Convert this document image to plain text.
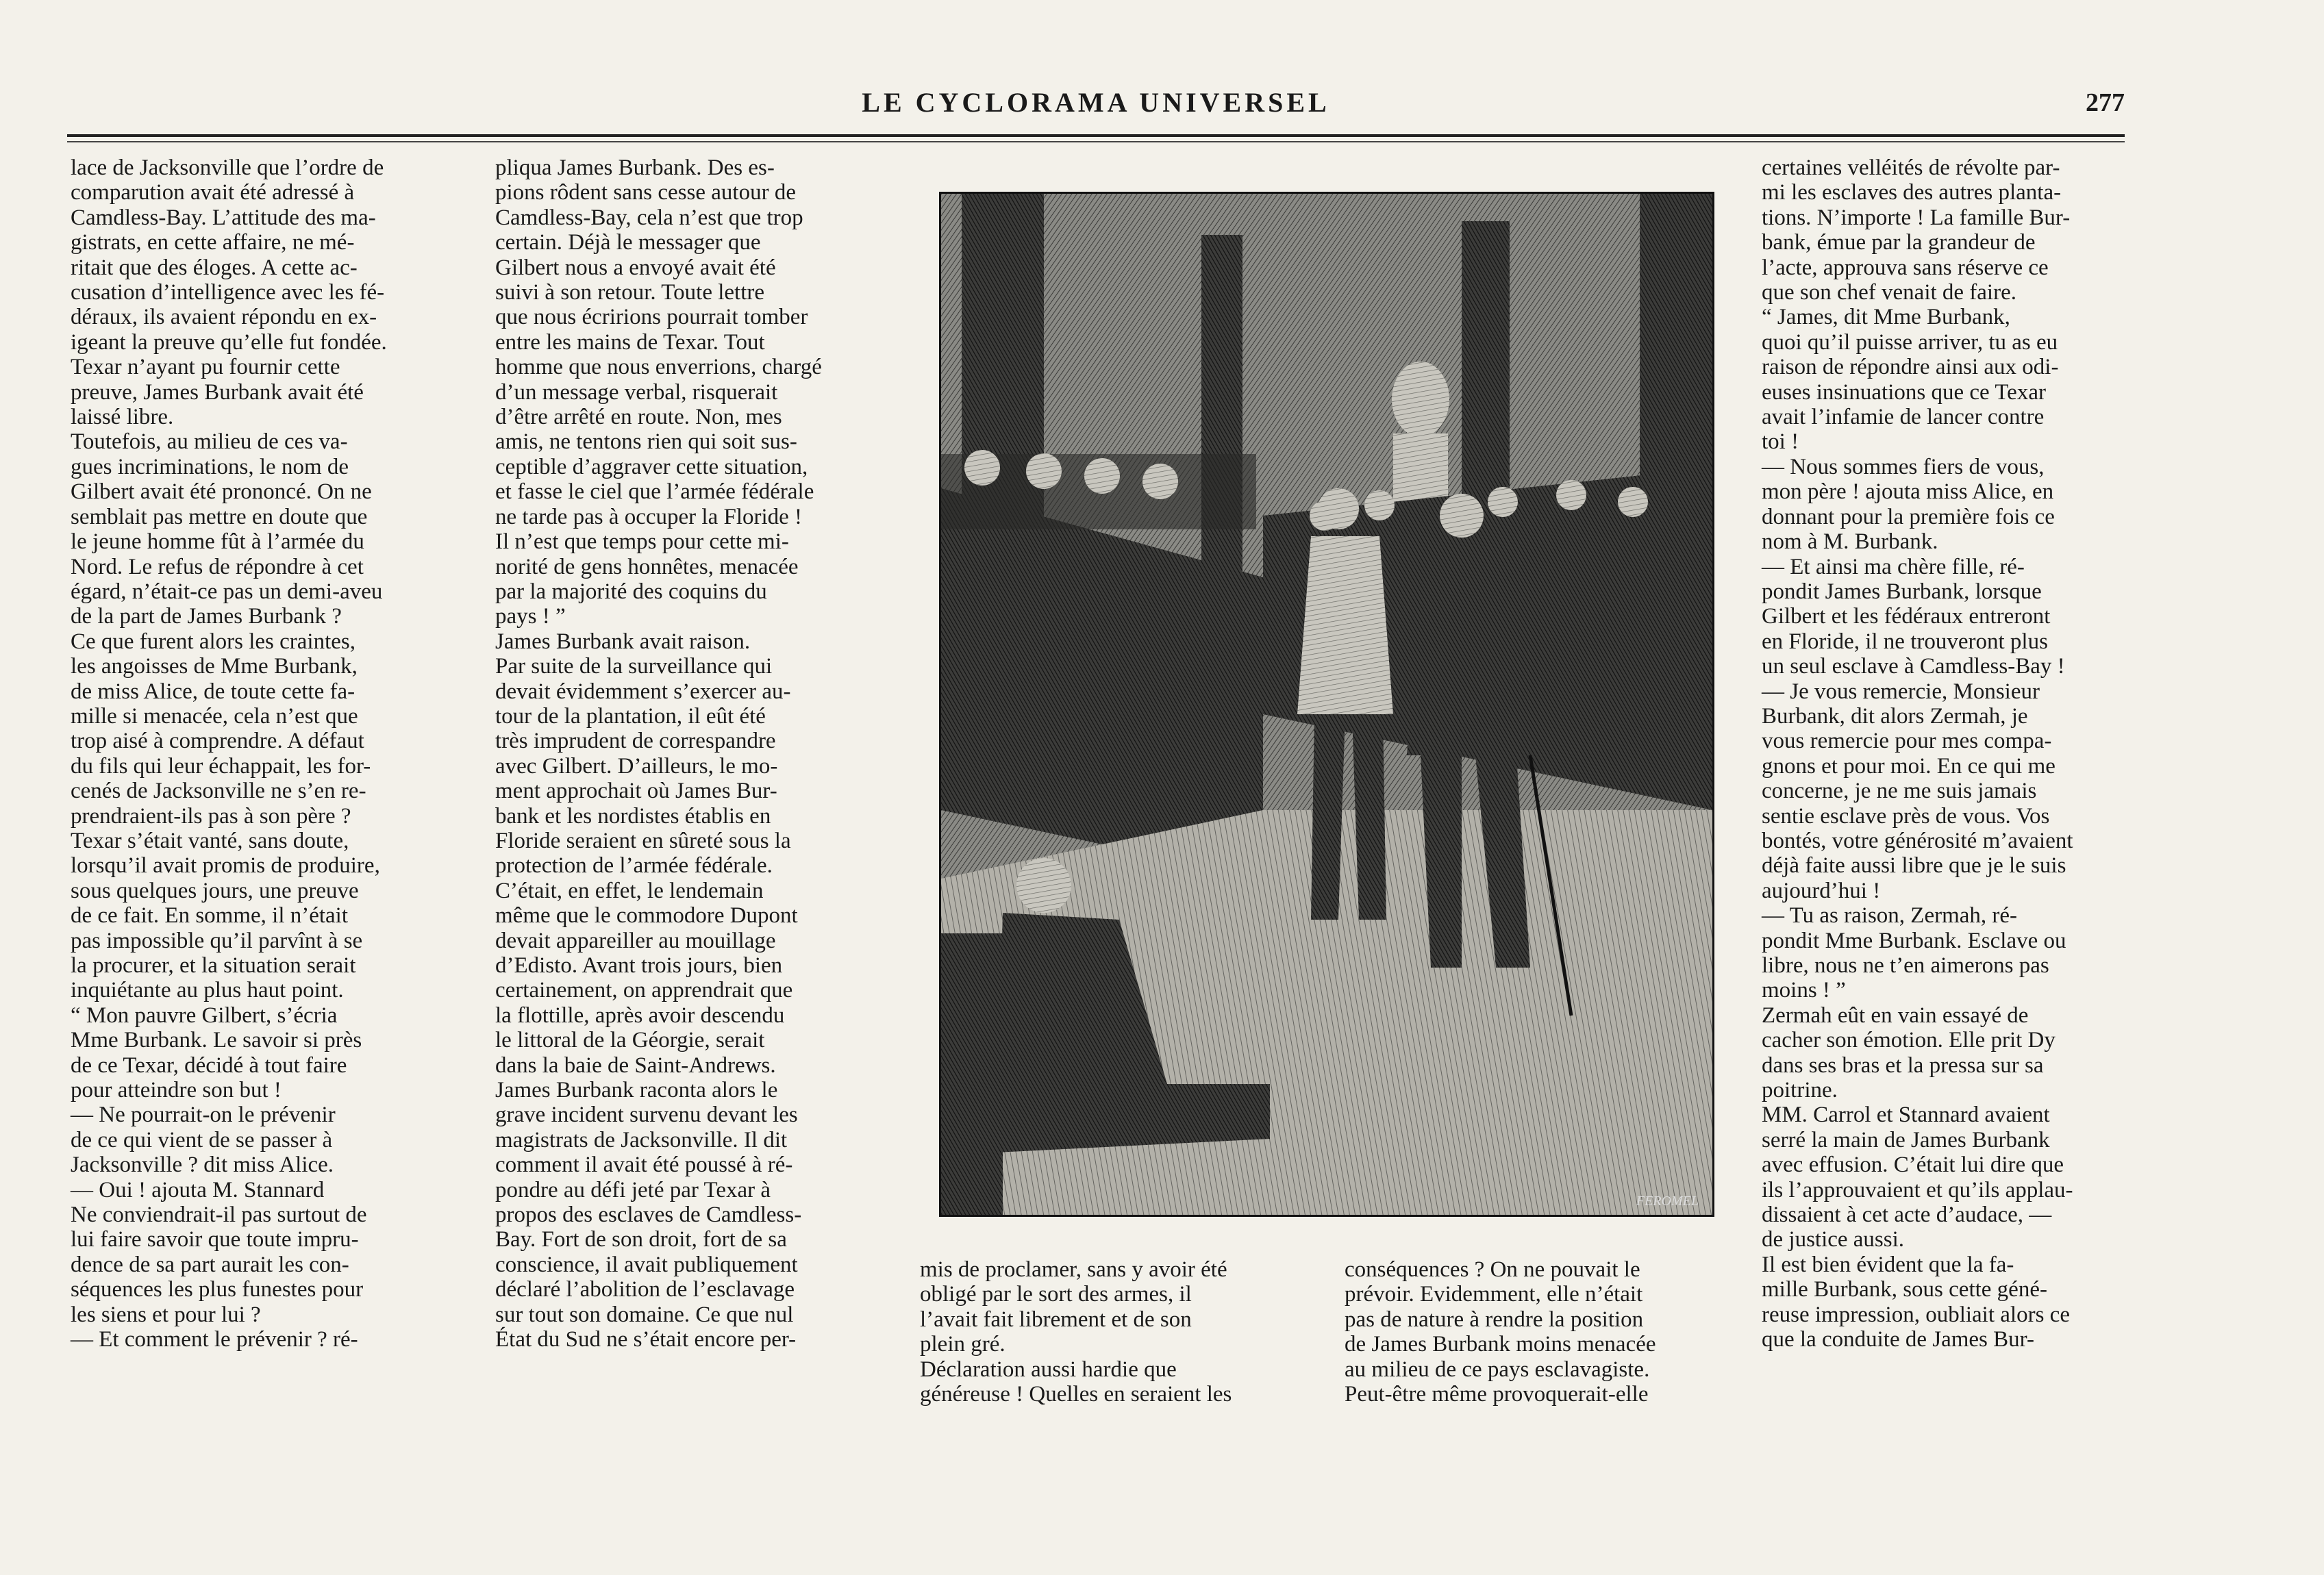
LE CYCLORAMA UNIVERSEL	277

lace de Jacksonville que l’ordre de
comparution avait été adressé à
Camdless-Bay. L’attitude des ma-
gistrats, en cette affaire, ne mé-
ritait que des éloges. A cette ac-
cusation d’intelligence avec les fé-
déraux, ils avaient répondu en ex-
igeant la preuve qu’elle fut fondée.
Texar n’ayant pu fournir cette
preuve, James Burbank avait été
laissé libre.
Toutefois, au milieu de ces va-
gues incriminations, le nom de
Gilbert avait été prononcé. On ne
semblait pas mettre en doute que
le jeune homme fût à l’armée du
Nord. Le refus de répondre à cet
égard, n’était-ce pas un demi-aveu
de la part de James Burbank ?
Ce que furent alors les craintes,
les angoisses de Mme Burbank,
de miss Alice, de toute cette fa-
mille si menacée, cela n’est que
trop aisé à comprendre. A défaut
du fils qui leur échappait, les for-
cenés de Jacksonville ne s’en re-
prendraient-ils pas à son père ?
Texar s’était vanté, sans doute,
lorsqu’il avait promis de produire,
sous quelques jours, une preuve
de ce fait. En somme, il n’était
pas impossible qu’il parvînt à se
la procurer, et la situation serait
inquiétante au plus haut point.
“ Mon pauvre Gilbert, s’écria
Mme Burbank. Le savoir si près
de ce Texar, décidé à tout faire
pour atteindre son but !
— Ne pourrait-on le prévenir
de ce qui vient de se passer à
Jacksonville ? dit miss Alice.
— Oui ! ajouta M. Stannard
Ne conviendrait-il pas surtout de
lui faire savoir que toute impru-
dence de sa part aurait les con-
séquences les plus funestes pour
les siens et pour lui ?
— Et comment le prévenir ? ré-

pliqua James Burbank. Des es-
pions rôdent sans cesse autour de
Camdless-Bay, cela n’est que trop
certain. Déjà le messager que
Gilbert nous a envoyé avait été
suivi à son retour. Toute lettre
que nous écririons pourrait tomber
entre les mains de Texar. Tout
homme que nous enverrions, chargé
d’un message verbal, risquerait
d’être arrêté en route. Non, mes
amis, ne tentons rien qui soit sus-
ceptible d’aggraver cette situation,
et fasse le ciel que l’armée fédérale
ne tarde pas à occuper la Floride !
Il n’est que temps pour cette mi-
norité de gens honnêtes, menacée
par la majorité des coquins du
pays ! ”
James Burbank avait raison.
Par suite de la surveillance qui
devait évidemment s’exercer au-
tour de la plantation, il eût été
très imprudent de correspandre
avec Gilbert. D’ailleurs, le mo-
ment approchait où James Bur-
bank et les nordistes établis en
Floride seraient en sûreté sous la
protection de l’armée fédérale.
C’était, en effet, le lendemain
même que le commodore Dupont
devait appareiller au mouillage
d’Edisto. Avant trois jours, bien
certainement, on apprendrait que
la flottille, après avoir descendu
le littoral de la Géorgie, serait
dans la baie de Saint-Andrews.
James Burbank raconta alors le
grave incident survenu devant les
magistrats de Jacksonville. Il dit
comment il avait été poussé à ré-
pondre au défi jeté par Texar à
propos des esclaves de Camdless-
Bay. Fort de son droit, fort de sa
conscience, il avait publiquement
déclaré l’abolition de l’esclavage
sur tout son domaine. Ce que nul
État du Sud ne s’était encore per-

FEROMEL

mis de proclamer, sans y avoir été
obligé par le sort des armes, il
l’avait fait librement et de son
plein gré.
Déclaration aussi hardie que
généreuse ! Quelles en seraient les

conséquences ? On ne pouvait le
prévoir. Evidemment, elle n’était
pas de nature à rendre la position
de James Burbank moins menacée
au milieu de ce pays esclavagiste.
Peut-être même provoquerait-elle

certaines velléités de révolte par-
mi les esclaves des autres planta-
tions. N’importe ! La famille Bur-
bank, émue par la grandeur de
l’acte, approuva sans réserve ce
que son chef venait de faire.
“ James, dit Mme Burbank,
quoi qu’il puisse arriver, tu as eu
raison de répondre ainsi aux odi-
euses insinuations que ce Texar
avait l’infamie de lancer contre
toi !
— Nous sommes fiers de vous,
mon père ! ajouta miss Alice, en
donnant pour la première fois ce
nom à M. Burbank.
— Et ainsi ma chère fille, ré-
pondit James Burbank, lorsque
Gilbert et les fédéraux entreront
en Floride, il ne trouveront plus
un seul esclave à Camdless-Bay !
— Je vous remercie, Monsieur
Burbank, dit alors Zermah, je
vous remercie pour mes compa-
gnons et pour moi. En ce qui me
concerne, je ne me suis jamais
sentie esclave près de vous. Vos
bontés, votre générosité m’avaient
déjà faite aussi libre que je le suis
aujourd’hui !
— Tu as raison, Zermah, ré-
pondit Mme Burbank. Esclave ou
libre, nous ne t’en aimerons pas
moins ! ”
Zermah eût en vain essayé de
cacher son émotion. Elle prit Dy
dans ses bras et la pressa sur sa
poitrine.
MM. Carrol et Stannard avaient
serré la main de James Burbank
avec effusion. C’était lui dire que
ils l’approuvaient et qu’ils applau-
dissaient à cet acte d’audace, —
de justice aussi.
Il est bien évident que la fa-
mille Burbank, sous cette géné-
reuse impression, oubliait alors ce
que la conduite de James Bur-
